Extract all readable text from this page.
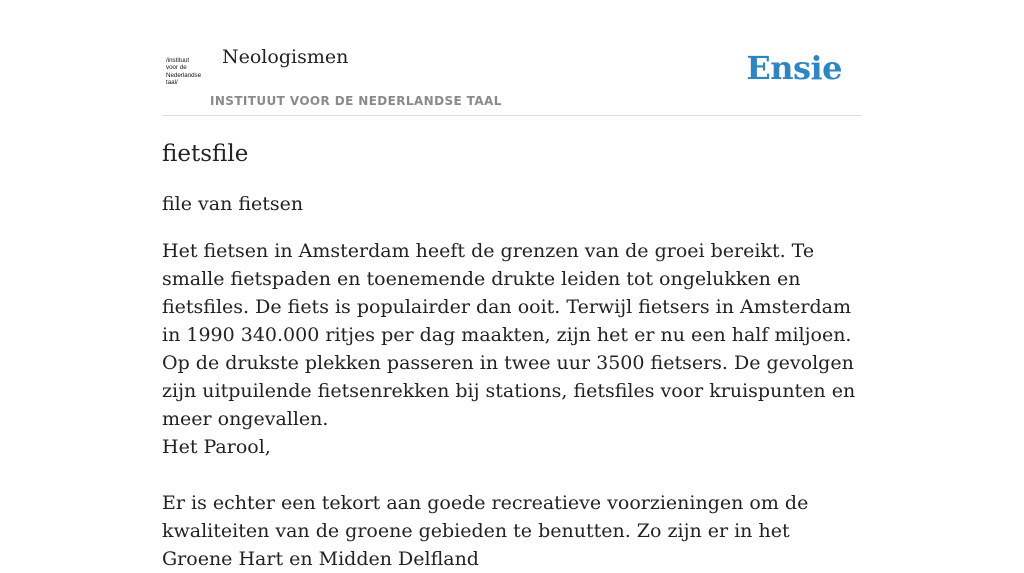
/instituut
voor de
Nederlandse
taal/
Neologismen
INSTITUUT VOOR DE NEDERLANDSE TAAL
Ensie
fietsfile
file van fietsen
Het fietsen in Amsterdam heeft de grenzen van de groei bereikt. Te smalle fietspaden en toenemende drukte leiden tot ongelukken en fietsfiles. De fiets is populairder dan ooit. Terwijl fietsers in Amsterdam in 1990 340.000 ritjes per dag maakten, zijn het er nu een half miljoen. Op de drukste plekken passeren in twee uur 3500 fietsers. De gevolgen zijn uitpuilende fietsenrekken bij stations, fietsfiles voor kruispunten en meer ongevallen.
Het Parool,
Er is echter een tekort aan goede recreatieve voorzieningen om de kwaliteiten van de groene gebieden te benutten. Zo zijn er in het Groene Hart en Midden Delfland
